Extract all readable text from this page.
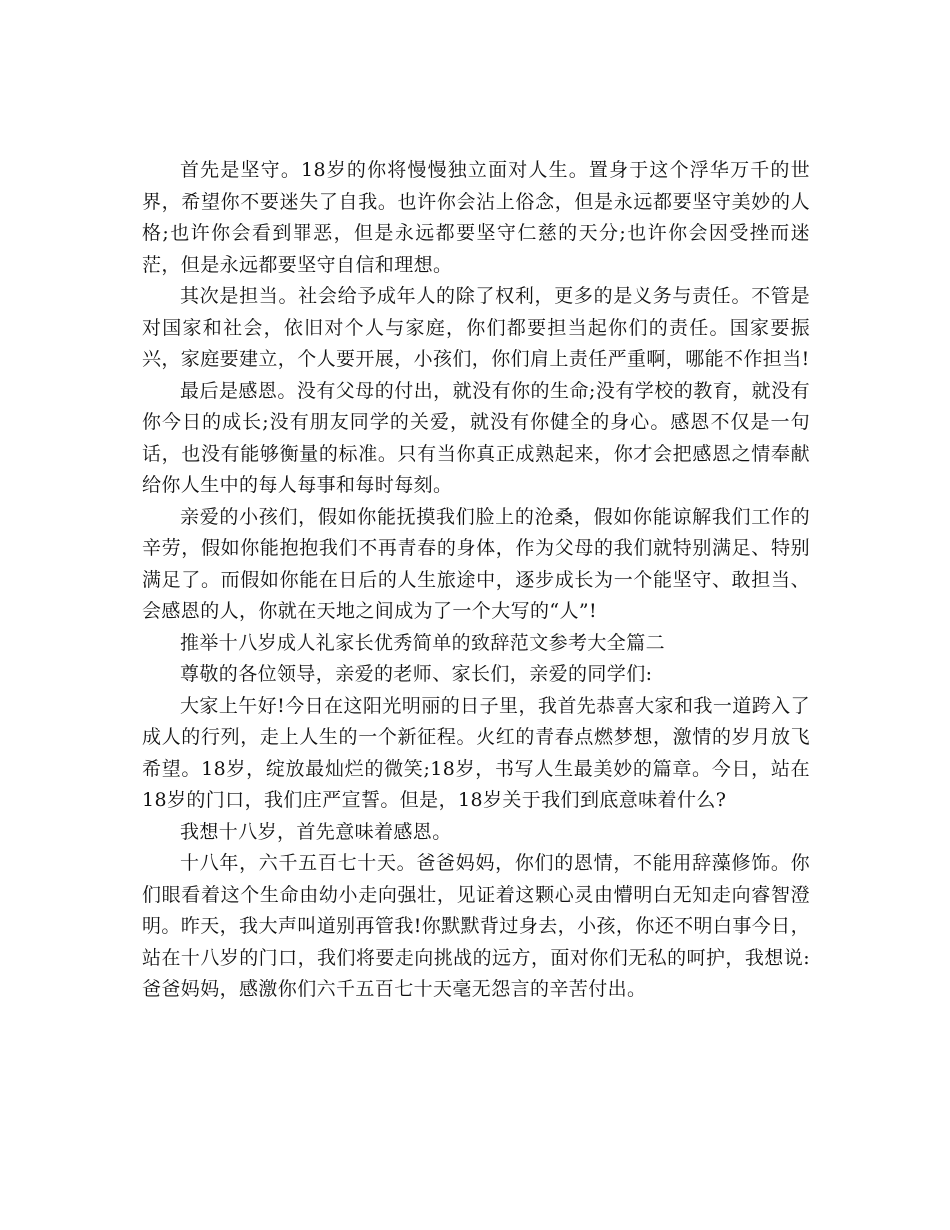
首先是坚守。18岁的你将慢慢独立面对人生。置身于这个浮华万千的世界，希望你不要迷失了自我。也许你会沾上俗念，但是永远都要坚守美妙的人格;也许你会看到罪恶，但是永远都要坚守仁慈的天分;也许你会因受挫而迷茫，但是永远都要坚守自信和理想。

其次是担当。社会给予成年人的除了权利，更多的是义务与责任。不管是对国家和社会，依旧对个人与家庭，你们都要担当起你们的责任。国家要振兴，家庭要建立，个人要开展，小孩们，你们肩上责任严重啊，哪能不作担当!

最后是感恩。没有父母的付出，就没有你的生命;没有学校的教育，就没有你今日的成长;没有朋友同学的关爱，就没有你健全的身心。感恩不仅是一句话，也没有能够衡量的标准。只有当你真正成熟起来，你才会把感恩之情奉献给你人生中的每人每事和每时每刻。

亲爱的小孩们，假如你能抚摸我们脸上的沧桑，假如你能谅解我们工作的辛劳，假如你能抱抱我们不再青春的身体，作为父母的我们就特别满足、特别满足了。而假如你能在日后的人生旅途中，逐步成长为一个能坚守、敢担当、会感恩的人，你就在天地之间成为了一个大写的“人”!

推举十八岁成人礼家长优秀简单的致辞范文参考大全篇二

尊敬的各位领导，亲爱的老师、家长们，亲爱的同学们:

大家上午好!今日在这阳光明丽的日子里，我首先恭喜大家和我一道跨入了成人的行列，走上人生的一个新征程。火红的青春点燃梦想，激情的岁月放飞希望。18岁，绽放最灿烂的微笑;18岁，书写人生最美妙的篇章。今日，站在18岁的门口，我们庄严宣誓。但是，18岁关于我们到底意味着什么?

我想十八岁，首先意味着感恩。

十八年，六千五百七十天。爸爸妈妈，你们的恩情，不能用辞藻修饰。你们眼看着这个生命由幼小走向强壮，见证着这颗心灵由懵明白无知走向睿智澄明。昨天，我大声叫道别再管我!你默默背过身去，小孩，你还不明白事今日，站在十八岁的门口，我们将要走向挑战的远方，面对你们无私的呵护，我想说:爸爸妈妈，感激你们六千五百七十天毫无怨言的辛苦付出。
